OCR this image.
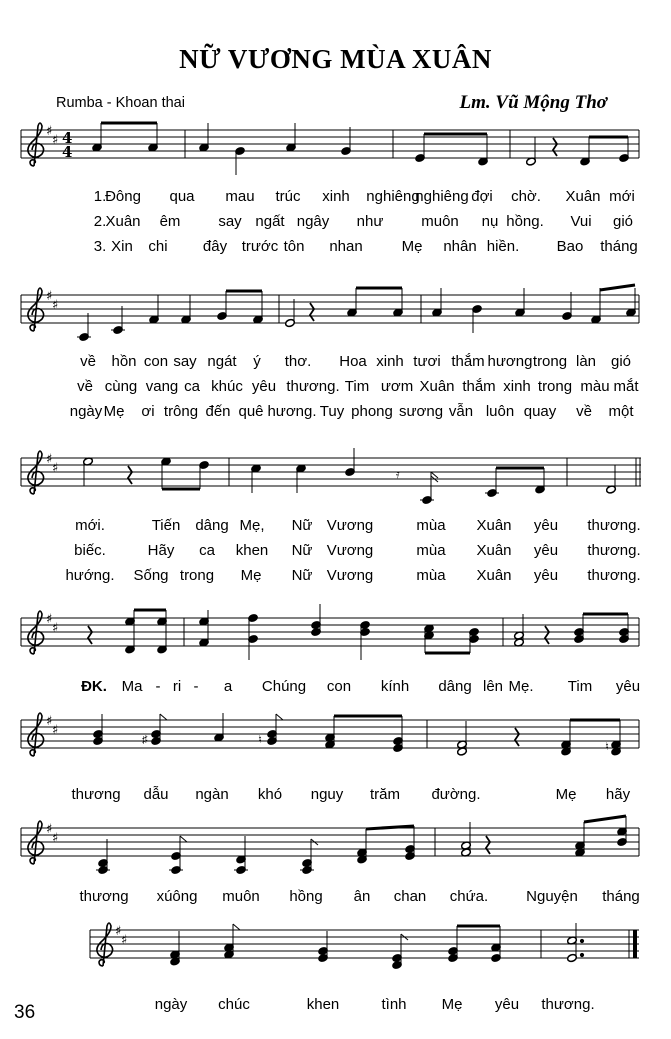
NỮ VƯƠNG MÙA XUÂN
Rumba - Khoan thai	Lm. Vũ Mộng Thơ
♯
♯ 4
4
1.
Đông qua mau trúc xinh nghiêng
nghiêng đợi chờ. Xuân mới
2. Xuân êm	say ngất ngây như	muôn nụ hồng. Vui gió
3. Xin chi đây trước tôn nhan	Mẹ nhân hiền. Bao tháng
♯
♯
về hồn con say ngát ý thơ. Hoa xinh tươi thắm hương trong làn gió
về cùng vang ca khúc yêu thương. Tim ươm Xuân thắm xinh trong màu mắt
ngày Mẹ ơi trông đến quê hương. Tuy phong sương vẫn luôn quay về một
♯
♯	𝄿
mới.	Tiến dâng Mẹ, Nữ Vương	mùa Xuân yêu thương.
biếc.	Hãy ca khen Nữ Vương	mùa Xuân yêu thương.
hướng. Sống trong Mẹ Nữ Vương	mùa Xuân yêu thương.
♯
♯
ĐK. Ma - ri - a Chúng con kính dâng lên Mẹ. Tim yêu
♯
♯
♯	♮
♮
thương dẫu ngàn khó nguy trăm đường.	Mẹ hãy
♯
♯
thương xúông muôn hồng ân chan chứa.	Nguyện tháng
♯
♯
ngày chúc	khen	tình Mẹ yêu thương.
36
